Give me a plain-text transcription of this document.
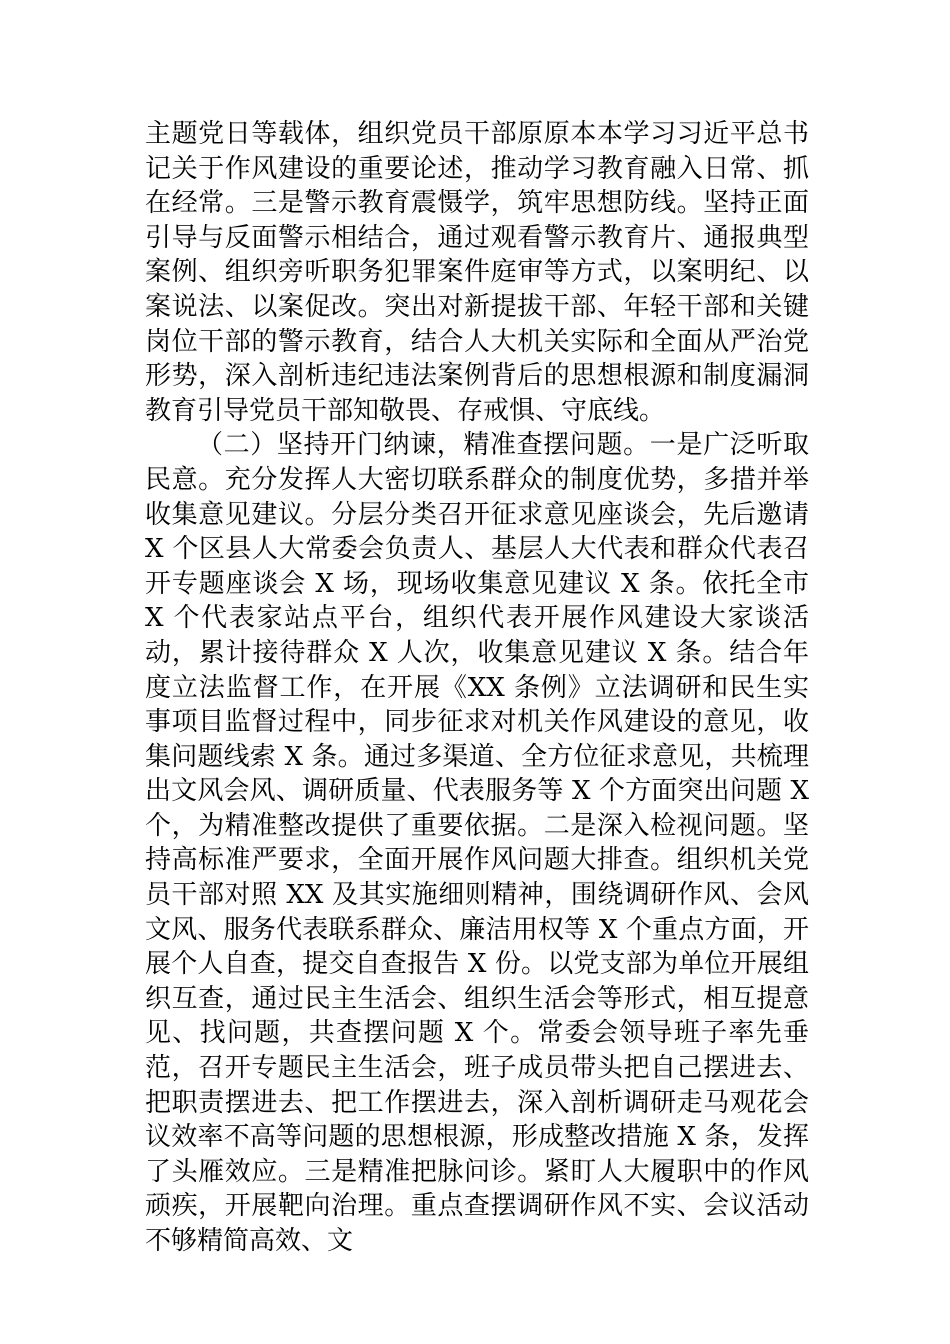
主题党日等载体，组织党员干部原原本本学习习近平总书记关于作风建设的重要论述，推动学习教育融入日常、抓在经常。三是警示教育震慑学，筑牢思想防线。坚持正面引导与反面警示相结合，通过观看警示教育片、通报典型案例、组织旁听职务犯罪案件庭审等方式，以案明纪、以案说法、以案促改。突出对新提拔干部、年轻干部和关键岗位干部的警示教育，结合人大机关实际和全面从严治党形势，深入剖析违纪违法案例背后的思想根源和制度漏洞教育引导党员干部知敬畏、存戒惧、守底线。

（二）坚持开门纳谏，精准查摆问题。一是广泛听取民意。充分发挥人大密切联系群众的制度优势，多措并举收集意见建议。分层分类召开征求意见座谈会，先后邀请 X 个区县人大常委会负责人、基层人大代表和群众代表召开专题座谈会 X 场，现场收集意见建议 X 条。依托全市 X 个代表家站点平台，组织代表开展作风建设大家谈活动，累计接待群众 X 人次，收集意见建议 X 条。结合年度立法监督工作，在开展《XX 条例》立法调研和民生实事项目监督过程中，同步征求对机关作风建设的意见，收集问题线索 X 条。通过多渠道、全方位征求意见，共梳理出文风会风、调研质量、代表服务等 X 个方面突出问题 X 个，为精准整改提供了重要依据。二是深入检视问题。坚持高标准严要求，全面开展作风问题大排查。组织机关党员干部对照 XX 及其实施细则精神，围绕调研作风、会风文风、服务代表联系群众、廉洁用权等 X 个重点方面，开展个人自查，提交自查报告 X 份。以党支部为单位开展组织互查，通过民主生活会、组织生活会等形式，相互提意见、找问题，共查摆问题 X 个。常委会领导班子率先垂范，召开专题民主生活会，班子成员带头把自己摆进去、把职责摆进去、把工作摆进去，深入剖析调研走马观花会议效率不高等问题的思想根源，形成整改措施 X 条，发挥了头雁效应。三是精准把脉问诊。紧盯人大履职中的作风顽疾，开展靶向治理。重点查摆调研作风不实、会议活动不够精简高效、文
